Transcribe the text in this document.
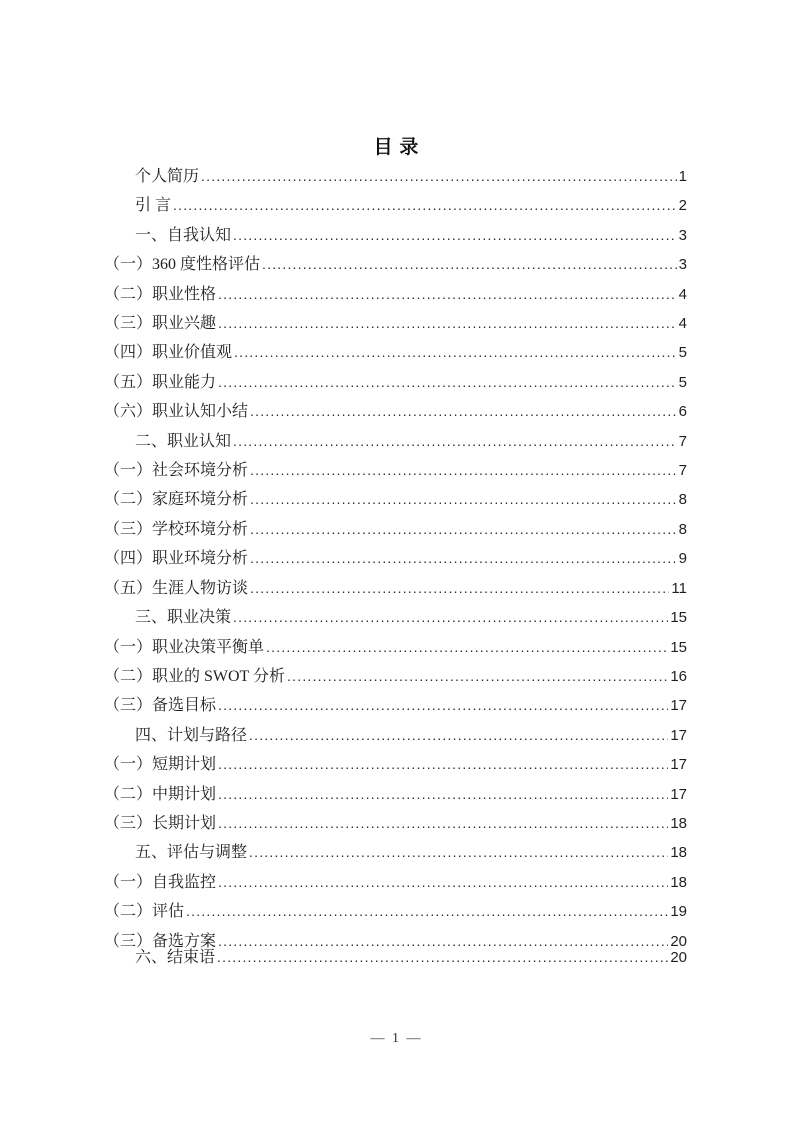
目 录
个人简历 .....	1
引 言 .....	2
一、自我认知 .....	3
（一）360 度性格评估 .....	3
（二）职业性格 .....	4
（三）职业兴趣 .....	4
（四）职业价值观 .....	5
（五）职业能力 .....	5
（六）职业认知小结 .....	6
二、职业认知 .....	7
（一）社会环境分析 .....	7
（二）家庭环境分析 .....	8
（三）学校环境分析 .....	8
（四）职业环境分析 .....	9
（五）生涯人物访谈 .....	11
三、职业决策 .....	15
（一）职业决策平衡单 .....	15
（二）职业的 SWOT 分析 .....	16
（三）备选目标 .....	17
四、计划与路径 .....	17
（一）短期计划 .....	17
（二）中期计划 .....	17
（三）长期计划 .....	18
五、评估与调整 .....	18
（一）自我监控 .....	18
（二）评估 .....	19
（三）备选方案 .....	20
六、结束语 .....	20
— 1 —
